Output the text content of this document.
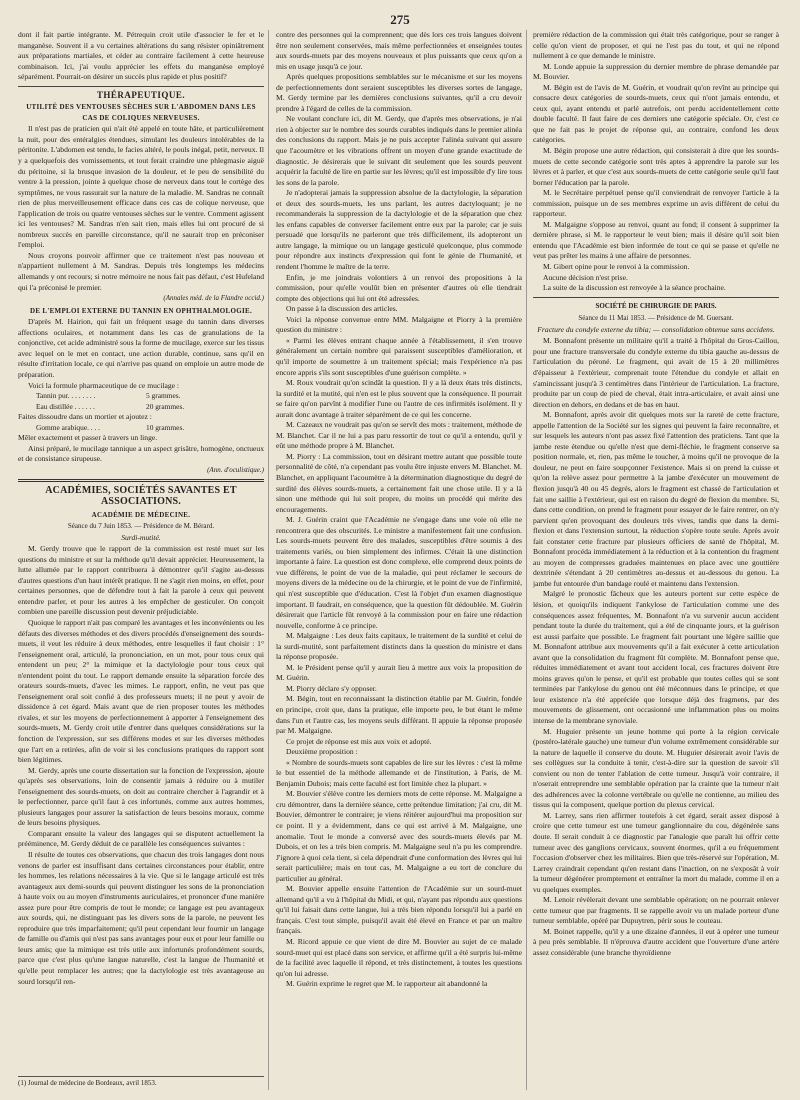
275

dont il fait partie intégrante. M. Pétrequin croit utile d'associer le fer et le manganèse. Souvent il a vu certaines altérations du sang résister opiniâtrement aux préparations martiales, et céder au contraire facilement à cette heureuse combinaison. Ici, j'ai voulu apprécier les effets du manganèse employé séparément. Pourrait-on désirer un succès plus rapide et plus positif?

THÉRAPEUTIQUE.
UTILITÉ DES VENTOUSES SÈCHES SUR L'ABDOMEN DANS LES CAS DE COLIQUES NERVEUSES.

Il n'est pas de praticien qui n'ait été appelé en toute hâte, et particulièrement la nuit, pour des entéralgies étendues, simulant les douleurs intolérables de la péritonite. L'abdomen est tendu, le facies altéré, le pouls inégal, petit, nerveux. Il y a quelquefois des vomissements, et tout ferait craindre une phlegmasie aiguë du péritoine, si la brusque invasion de la douleur, et le peu de sensibilité du ventre à la pression, jointe à quelque chose de nerveux dans tout le cortège des symptômes, ne vous rassurait sur la nature de la maladie. M. Sandras ne connaît rien de plus merveilleusement efficace dans ces cas de colique nerveuse, que l'application de trois ou quatre ventouses sèches sur le ventre. Comment agissent ici les ventouses? M. Sandras n'en sait rien, mais elles lui ont procuré de si nombreux succès en pareille circonstance, qu'il ne saurait trop en préconiser l'emploi.

Nous croyons pouvoir affirmer que ce traitement n'est pas nouveau et n'appartient nullement à M. Sandras. Depuis très longtemps les médecins allemands y ont recours; si notre mémoire ne nous fait pas défaut, c'est Hufeland qui l'a préconisé le premier.

(Annales méd. de la Flandre occid.)
DE L'EMPLOI EXTERNE DU TANNIN EN OPHTHALMOLOGIE.

D'après M. Hairion, qui fait un fréquent usage du tannin dans diverses affections oculaires, et notamment dans les cas de granulations de la conjonctive, cet acide administré sous la forme de mucilage, exerce sur les tissus avec lequel on le met en contact, une action durable, continue, sans qu'il en résulte d'irritation locale, ce qui n'arrive pas quand on emploie un autre mode de préparation.

Voici la formule pharmaceutique de ce mucilage :

Tannin pur. . . . . . . .	5 grammes.
Eau distillée . . . . . .	20 grammes.

Faites dissoudre dans un mortier et ajoutez :

Gomme arabique. . . .	10 grammes.

Mêler exactement et passer à travers un linge.

Ainsi préparé, le mucilage tannique a un aspect grisâtre, homogène, onctueux et de consistance sirupeuse.

(Ann. d'oculistique.)
ACADÉMIES, SOCIÉTÉS SAVANTES ET ASSOCIATIONS.
ACADÉMIE DE MÉDECINE.
Séance du 7 Juin 1853. — Présidence de M. Bérard.
Surdi-mutité.

M. Gerdy trouve que le rapport de la commission est resté muet sur les questions du ministre et sur la méthode qu'il devait apprécier. Heureusement, la lutte allumée par le rapport contribuera à démontrer qu'il s'agite au-dessus d'autres questions d'un haut intérêt pratique. Il ne s'agit rien moins, en effet, pour certaines personnes, que de défendre tout à fait la parole à ceux qui peuvent entendre parler, et pour les autres à les empêcher de gesticuler. On conçoit combien une pareille discussion peut devenir préjudiciable.

Quoique le rapport n'ait pas comparé les avantages et les inconvénients ou les défauts des diverses méthodes et des divers procédés d'enseignement des sourds-muets, il veut les réduire à deux méthodes, entre lesquelles il faut choisir : 1° l'enseignement oral, articulé, la prononciation, en un mot, pour tous ceux qui entendent un peu; 2° la mimique et la dactylologie pour tous ceux qui n'entendent point du tout. Le rapport demande ensuite la séparation forcée des orateurs sourds-muets, d'avec les mimes. Le rapport, enfin, ne veut pas que l'enseignement oral soit confié à des professeurs muets; il ne peut y avoir de dissidence à cet égard. Mais avant que de rien proposer toutes les méthodes rivales, et sur les moyens de perfectionnement à apporter à l'enseignement des sourds-muets, M. Gerdy croit utile d'entrer dans quelques considérations sur la fonction de l'expression, sur ses différens modes et sur les diverses méthodes que l'art en a retirées, afin de voir si les conclusions pratiques du rapport sont bien légitimes.

M. Gerdy, après une courte dissertation sur la fonction de l'expression, ajoute qu'après ses observations, loin de consentir jamais à réduire ou à mutiler l'enseignement des sourds-muets, on doit au contraire chercher à l'agrandir et à le perfectionner, parce qu'il faut à ces infortunés, comme aux autres hommes, plusieurs langages pour assurer la satisfaction de leurs besoins moraux, comme de leurs besoins physiques.

Comparant ensuite la valeur des langages qui se disputent actuellement la prééminence, M. Gerdy déduit de ce parallèle les conséquences suivantes :

Il résulte de toutes ces observations, que chacun des trois langages dont nous venons de parler est insuffisant dans certaines circonstances pour établir, entre les hommes, les relations nécessaires à la vie. Que si le langage articulé est très avantageux aux demi-sourds qui peuvent distinguer les sons de la prononciation à haute voix ou au moyen d'instruments auriculaires, et prononcer d'une manière assez pure pour être compris de tout le monde; ce langage est peu avantageux aux sourds, qui, ne distinguant pas les divers sons de la parole, ne peuvent les reproduire que très imparfaitement; qu'il peut cependant leur fournir un langage de famille ou d'amis qui n'est pas sans avantages pour eux et pour leur famille ou leurs amis; que la mimique est très utile aux infortunés profondément sourds, parce que c'est plus qu'une langue naturelle, c'est la langue de l'humanité et qu'elle peut remplacer les autres; que la dactylologie est très avantageuse au sourd lorsqu'il ren-

contre des personnes qui la comprennent; que dès lors ces trois langues doivent être non seulement conservées, mais même perfectionnées et enseignées toutes aux sourds-muets par des moyens nouveaux et plus puissants que ceux qu'on a mis en usage jusqu'à ce jour.

Après quelques propositions semblables sur le mécanisme et sur les moyens de perfectionnements dont seraient susceptibles les diverses sortes de langage, M. Gerdy termine par les dernières conclusions suivantes, qu'il a cru devoir prendre à l'égard de celles de la commission.

Ne voulant conclure ici, dit M. Gerdy, que d'après mes observations, je n'ai rien à objecter sur le nombre des sourds curables indiqués dans le premier alinéa des conclusions du rapport. Mais je ne puis accepter l'alinéa suivant qui assure que l'acoumètre et les vibrations offrent un moyen d'une grande exactitude de diagnostic. Je désirerais que le suivant dit seulement que les sourds peuvent acquérir la faculté de lire en partie sur les lèvres; qu'il est impossible d'y lire tous les sons de la parole.

Je n'adopterai jamais la suppression absolue de la dactylologie, la séparation et deux des sourds-muets, les uns parlant, les autres dactyloquant; je ne recommanderais la suppression de la dactylologie et de la séparation que chez les enfans capables de converser facilement entre eux par la parole; car je suis persuadé que lorsqu'ils ne parleront que très difficilement, ils adopteront un autre langage, la mimique ou un langage gesticulé quelconque, plus commode pour répondre aux instincts d'expression qui font le génie de l'humanité, et rendent l'homme le maître de la terre.

Enfin, je me joindrais volontiers à un renvoi des propositions à la commission, pour qu'elle voulût bien en présenter d'autres où elle tiendrait compte des objections qui lui ont été adressées.

On passe à la discussion des articles.

Voici la réponse convenue entre MM. Malgaigne et Piorry à la première question du ministre :

« Parmi les élèves entrant chaque année à l'établissement, il s'en trouve généralement un certain nombre qui paraissent susceptibles d'amélioration, et qu'il importe de soumettre à un traitement spécial; mais l'expérience n'a pas encore appris s'ils sont susceptibles d'une guérison complète. »

M. Roux voudrait qu'on scindât la question. Il y a là deux états très distincts, la surdité et la mutité, qui n'en est le plus souvent que la conséquence. Il pourrait se faire qu'on parvînt à modifier l'une ou l'autre de ces infirmités isolément. Il y aurait donc avantage à traiter séparément de ce qui les concerne.

M. Cazeaux ne voudrait pas qu'on se servît des mots : traitement, méthode de M. Blanchet. Car il ne lui a pas paru ressortir de tout ce qu'il a entendu, qu'il y eût une méthode propre à M. Blanchet.

M. Piorry : La commission, tout en désirant mettre autant que possible toute personnalité de côté, n'a cependant pas voulu être injuste envers M. Blanchet. M. Blanchet, en appliquant l'acoumètre à la détermination diagnostique du degré de surdité des élèves sourds-muets, a certainement fait une chose utile. Il y a là sinon une méthode qui lui soit propre, du moins un procédé qui mérite des encouragements.

M. J. Guérin craint que l'Académie ne s'engage dans une voie où elle ne rencontrera que des obscurités. Le ministre a manifestement fait une confusion. Les sourds-muets peuvent être des malades, susceptibles d'être soumis à des traitements variés, ou bien simplement des infirmes. C'était là une distinction importante à faire. La question est donc complexe, elle comprend deux points de vue différens, le point de vue de la maladie, qui peut réclamer le secours de moyens divers de la médecine ou de la chirurgie, et le point de vue de l'infirmité, qui n'est susceptible que d'éducation. C'est là l'objet d'un examen diagnostique important. Il faudrait, en conséquence, que la question fût dédoublée. M. Guérin désirerait que l'article fût renvoyé à la commission pour en faire une rédaction nouvelle, conforme à ce principe.

M. Malgaigne : Les deux faits capitaux, le traitement de la surdité et celui de la surdi-mutité, sont parfaitement distincts dans la question du ministre et dans la réponse proposée.

M. le Président pense qu'il y aurait lieu à mettre aux voix la proposition de M. Guérin.

M. Piorry déclare s'y opposer.

M. Bégin, tout en reconnaissant la distinction établie par M. Guérin, fondée en principe, croit que, dans la pratique, elle importe peu, le but étant le même dans l'un et l'autre cas, les moyens seuls différant. Il appuie la réponse proposée par M. Malgaigne.

Ce projet de réponse est mis aux voix et adopté.

Deuxième proposition :

« Nombre de sourds-muets sont capables de lire sur les lèvres : c'est là même le but essentiel de la méthode allemande et de l'institution, à Paris, de M. Benjamin Dubois; mais cette faculté est fort limitée chez la plupart. »

M. Bouvier s'élève contre les derniers mots de cette réponse. M. Malgaigne a cru démontrer, dans la dernière séance, cette prétendue limitation; j'ai cru, dit M. Bouvier, démontrer le contraire; je viens réitérer aujourd'hui ma proposition sur ce point. Il y a évidemment, dans ce qui est arrivé à M. Malgaigne, une anomalie. Tout le monde a conversé avec des sourds-muets élevés par M. Dubois, et on les a très bien compris. M. Malgaigne seul n'a pu les comprendre. J'ignore à quoi cela tient, si cela dépendrait d'une conformation des lèvres qui lui serait particulière; mais en tout cas, M. Malgaigne a eu tort de conclure du particulier au général.

M. Bouvier appelle ensuite l'attention de l'Académie sur un sourd-muet allemand qu'il a vu à l'hôpital du Midi, et qui, n'ayant pas répondu aux questions qu'il lui faisait dans cette langue, lui a très bien répondu lorsqu'il lui a parlé en français. C'est tout simple, puisqu'il avait été élevé en France et par un maître français.

M. Ricord appuie ce que vient de dire M. Bouvier au sujet de ce malade sourd-muet qui est placé dans son service, et affirme qu'il a été surpris lui-même de la facilité avec laquelle il répond, et très distinctement, à toutes les questions qu'on lui adresse.

M. Guérin exprime le regret que M. le rapporteur ait abandonné la

première rédaction de la commission qui était très catégorique, pour se ranger à celle qu'on vient de proposer, et qui ne l'est pas du tout, et qui ne répond nullement à ce que demande le ministre.

M. Londe appuie la suppression du dernier membre de phrase demandée par M. Bouvier.

M. Bégin est de l'avis de M. Guérin, et voudrait qu'on revînt au principe qui consacre deux catégories de sourds-muets, ceux qui n'ont jamais entendu, et ceux qui, ayant entendu et parlé autrefois, ont perdu accidentellement cette double faculté. Il faut faire de ces derniers une catégorie spéciale. Or, c'est ce que ne fait pas le projet de réponse qui, au contraire, confond les deux catégories.

M. Bégin propose une autre rédaction, qui consisterait à dire que les sourds-muets de cette seconde catégorie sont très aptes à apprendre la parole sur les lèvres et à parler, et que c'est aux sourds-muets de cette catégorie seule qu'il faut borner l'éducation par la parole.

M. le Secrétaire perpétuel pense qu'il conviendrait de renvoyer l'article à la commission, puisque un de ses membres exprime un avis différent de celui du rapporteur.

M. Malgaigne s'oppose au renvoi, quant au fond; il consent à supprimer la dernière phrase, si M. le rapporteur le veut bien; mais il désire qu'il soit bien entendu que l'Académie est bien informée de tout ce qui se passe et qu'elle ne veut pas prêter les mains à une affaire de personnes.

M. Gibert opine pour le renvoi à la commission.

Aucune décision n'est prise.

La suite de la discussion est renvoyée à la séance prochaine.

SOCIÉTÉ DE CHIRURGIE DE PARIS.
Séance du 11 Mai 1853. — Présidence de M. Guersant.
Fracture du condyle externe du tibia; — consolidation obtenue sans accidens.

M. Bonnafont présente un militaire qu'il a traité à l'hôpital du Gros-Caillou, pour une fracture transversale du condyle externe du tibia gauche au-dessus de l'articulation du péroné. Le fragment, qui avait de 15 à 20 millimètres d'épaisseur à l'extérieur, comprenait toute l'étendue du condyle et allait en s'amincissant jusqu'à 3 centimètres dans l'intérieur de l'articulation. La fracture, produite par un coup de pied de cheval, était intra-articulaire, et avait ainsi une direction en dehors, en dedans et de bas en haut.

M. Bonnafont, après avoir dit quelques mots sur la rareté de cette fracture, appelle l'attention de la Société sur les signes qui peuvent la faire reconnaître, et sur lesquels les auteurs n'ont pas assez fixé l'attention des praticiens. Tant que la jambe reste étendue ou qu'elle n'est que demi-fléchie, le fragment conserve sa position normale, et, rien, pas même le toucher, à moins qu'il ne provoque de la douleur, ne peut en faire soupçonner l'existence. Mais si on prend la cuisse et qu'on la relève assez pour permettre à la jambe d'exécuter un mouvement de flexion jusqu'à 40 ou 45 degrés, alors le fragment est chassé de l'articulation et fait une saillie à l'extérieur, qui est en raison du degré de flexion du membre. Si, dans cette condition, on prend le fragment pour essayer de le faire rentrer, on n'y parvient qu'en provoquant des douleurs très vives, tandis que dans la demi-flexion et dans l'extension surtout, la réduction s'opère toute seule. Après avoir fait constater cette fracture par plusieurs officiers de santé de l'hôpital, M. Bonnafont procéda immédiatement à la réduction et à la contention du fragment au moyen de compresses graduées maintenues en place avec une gouttière dextrinée s'étendant à 20 centimètres au-dessus et au-dessous du genou. La jambe fut entourée d'un bandage roulé et maintenu dans l'extension.

Malgré le pronostic fâcheux que les auteurs portent sur cette espèce de lésion, et quoiqu'ils indiquent l'ankylose de l'articulation comme une des conséquences assez fréquentes, M. Bonnafont n'a vu survenir aucun accident pendant toute la durée du traitement, qui a été de cinquante jours, et la guérison est aussi parfaite que possible. Le fragment fait pourtant une légère saillie que M. Bonnafont attribue aux mouvements qu'il a fait exécuter à cette articulation avant que la consolidation du fragment fût complète. M. Bonnafont pense que, réduites immédiatement et avant tout accident local, ces fractures doivent être moins graves qu'on le pense, et qu'il est probable que toutes celles qui se sont terminées par l'ankylose du genou ont été méconnues dans le principe, et que leur existence n'a été appréciée que lorsque déjà des fragmens, par des mouvements de glissement, ont occasionné une inflammation plus ou moins intense de la membrane synoviale.

M. Huguier présente un jeune homme qui porte à la région cervicale (postéro-latérale gauche) une tumeur d'un volume extrêmement considérable sur la nature de laquelle il conserve du doute. M. Huguier désirerait avoir l'avis de ses collègues sur la conduite à tenir, c'est-à-dire sur la question de savoir s'il convient ou non de tenter l'ablation de cette tumeur. Jusqu'à voir contraire, il n'oserait entreprendre une semblable opération par la crainte que la tumeur n'ait des adhérences avec la colonne vertébrale ou qu'elle ne contienne, au milieu des tissus qui la composent, quelque portion du plexus cervical.

M. Larrey, sans rien affirmer toutefois à cet égard, serait assez disposé à croire que cette tumeur est une tumeur ganglionnaire du cou, dégénérée sans doute. Il serait conduit à ce diagnostic par l'analogie que paraît lui offrir cette tumeur avec des ganglions cervicaux, souvent énormes, qu'il a eu fréquemment l'occasion d'observer chez les militaires. Bien que très-réservé sur l'opération, M. Larrey craindrait cependant qu'en restant dans l'inaction, on ne s'exposât à voir la tumeur dégénérer promptement et entraîner la mort du malade, comme il en a vu quelques exemples.

M. Lenoir révèlerait devant une semblable opération; on ne pourrait enlever cette tumeur que par fragments. Il se rappelle avoir vu un malade porteur d'une tumeur semblable, opéré par Dupuytren, périr sous le couteau.

M. Boinet rappelle, qu'il y a une dizaine d'années, il eut à opérer une tumeur à peu près semblable. Il n'éprouva d'autre accident que l'ouverture d'une artère assez considérable (une branche thyroïdienne

(1) Journal de médecine de Bordeaux, avril 1853.
